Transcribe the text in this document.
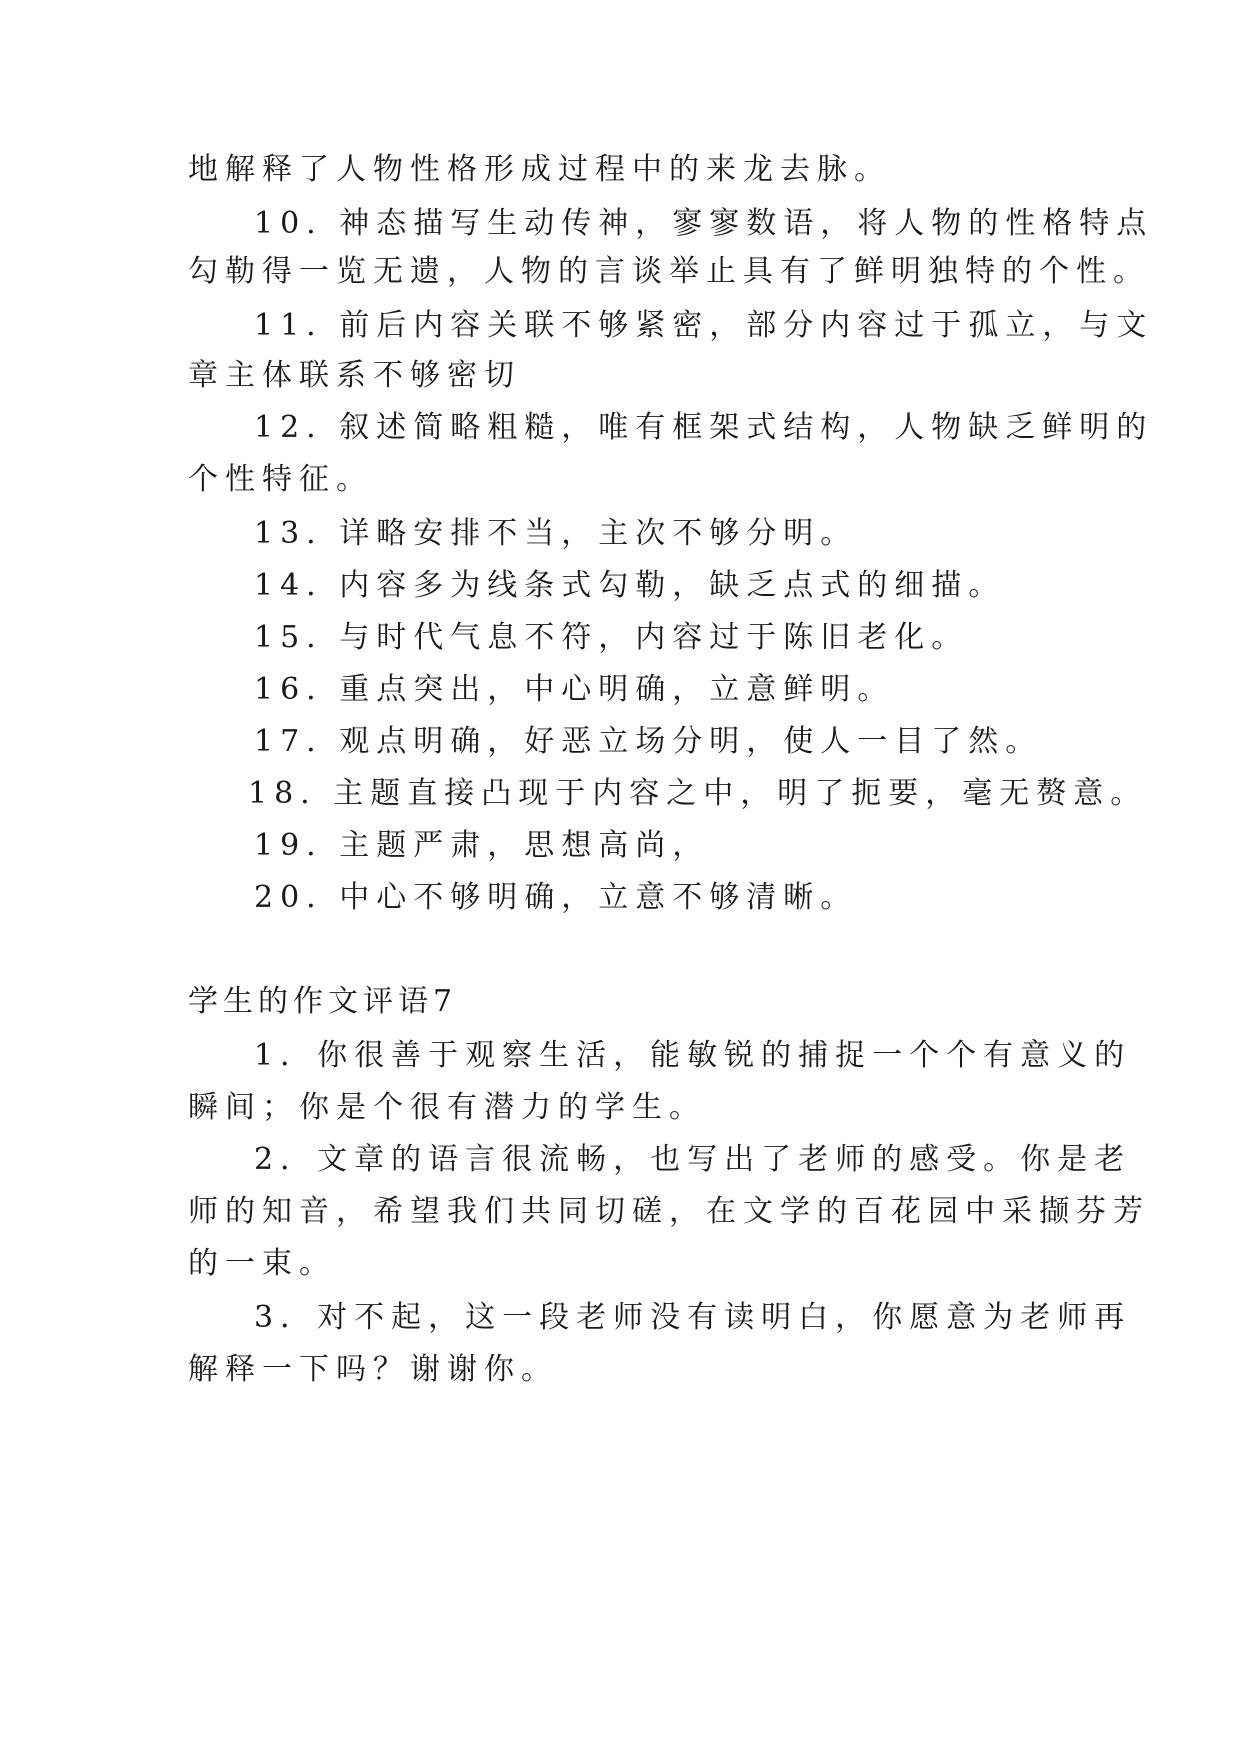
地解释了人物性格形成过程中的来龙去脉。
10. 神态描写生动传神，寥寥数语，将人物的性格特点
勾勒得一览无遗，人物的言谈举止具有了鲜明独特的个性。
11. 前后内容关联不够紧密，部分内容过于孤立，与文
章主体联系不够密切
12. 叙述简略粗糙，唯有框架式结构，人物缺乏鲜明的
个性特征。
13. 详略安排不当，主次不够分明。
14. 内容多为线条式勾勒，缺乏点式的细描。
15. 与时代气息不符，内容过于陈旧老化。
16. 重点突出，中心明确，立意鲜明。
17. 观点明确，好恶立场分明，使人一目了然。
18. 主题直接凸现于内容之中，明了扼要，毫无赘意。
19. 主题严肃，思想高尚，
20. 中心不够明确，立意不够清晰。
学生的作文评语7
1．你很善于观察生活，能敏锐的捕捉一个个有意义的
瞬间；你是个很有潜力的学生。
2．文章的语言很流畅，也写出了老师的感受。你是老
师的知音，希望我们共同切磋，在文学的百花园中采撷芬芳
的一束。
3．对不起，这一段老师没有读明白，你愿意为老师再
解释一下吗？谢谢你。
